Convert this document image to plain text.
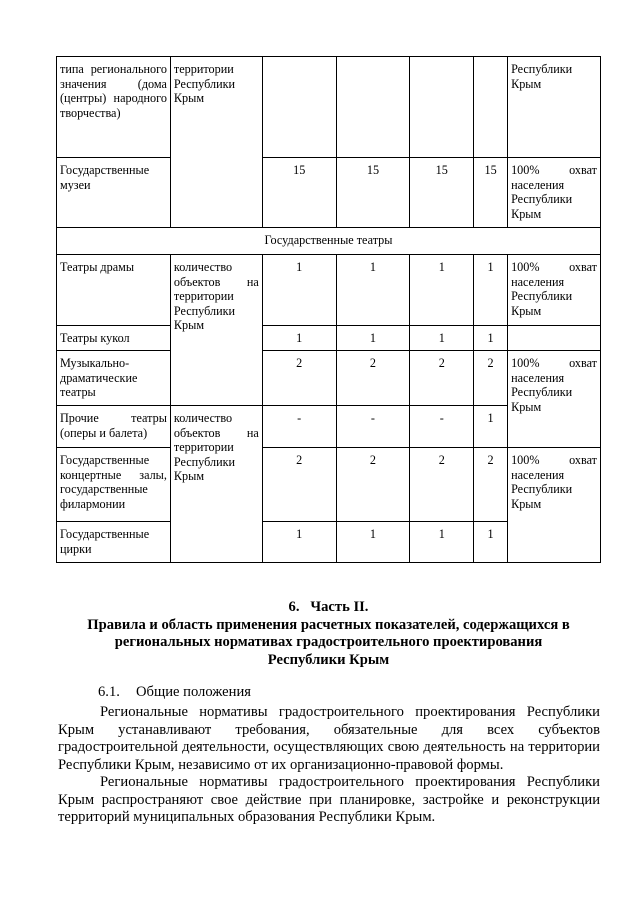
типа регионального значения (дома (центры) народного творчества)	территории Республики Крым					Республики Крым
Государственные музеи		15	15	15	15	100% охват населения Республики Крым
Государственные театры						
Театры драмы	количество объектов на территории Республики Крым	1	1	1	1	100% охват населения Республики Крым
Театры кукол		1	1	1	1	
Музыкально-драматические театры		2	2	2	2	100% охват населения Республики Крым
Прочие театры (оперы и балета)	количество объектов на территории Республики Крым	-	-	-	1	
Государственные концертные залы, государственные филармонии		2	2	2	2	100% охват населения Республики Крым
Государственные цирки		1	1	1	1	
6.   Часть II.
Правила и область применения расчетных показателей, содержащихся в
региональных нормативах градостроительного проектирования
Республики Крым
6.1. Общие положения

Региональные нормативы градостроительного проектирования Республики Крым устанавливают требования, обязательные для всех субъектов градостроительной деятельности, осуществляющих свою деятельность на территории Республики Крым, независимо от их организационно-правовой формы.

Региональные нормативы градостроительного проектирования Республики Крым распространяют свое действие при планировке, застройке и реконструкции территорий муниципальных образования Республики Крым.
